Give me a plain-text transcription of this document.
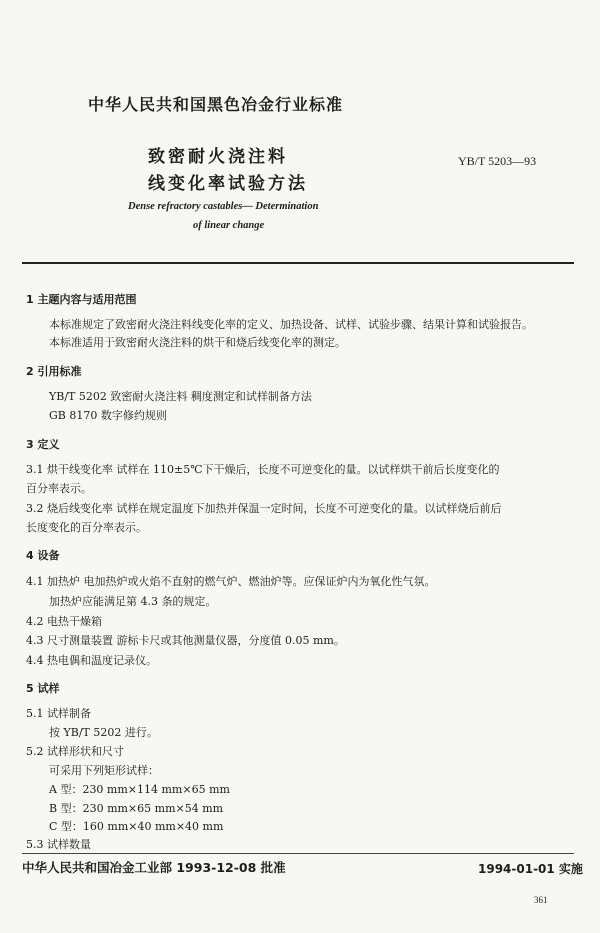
中华人民共和国黑色冶金行业标准
致密耐火浇注料
线变化率试验方法
YB/T 5203—93
Dense refractory castables— Determination
of linear change
1 主题内容与适用范围
本标准规定了致密耐火浇注料线变化率的定义、加热设备、试样、试验步骤、结果计算和试验报告。
本标准适用于致密耐火浇注料的烘干和烧后线变化率的测定。
2 引用标准
YB/T 5202 致密耐火浇注料 稠度测定和试样制备方法
GB 8170 数字修约规则
3 定义
3.1 烘干线变化率 试样在 110±5℃下干燥后，长度不可逆变化的量。以试样烘干前后长度变化的
百分率表示。
3.2 烧后线变化率 试样在规定温度下加热并保温一定时间，长度不可逆变化的量。以试样烧后前后
长度变化的百分率表示。
4 设备
4.1 加热炉 电加热炉或火焰不直射的燃气炉、燃油炉等。应保证炉内为氧化性气氛。
加热炉应能满足第 4.3 条的规定。
4.2 电热干燥箱
4.3 尺寸测量装置 游标卡尺或其他测量仪器，分度值 0.05 mm。
4.4 热电偶和温度记录仪。
5 试样
5.1 试样制备
按 YB/T 5202 进行。
5.2 试样形状和尺寸
可采用下列矩形试样：
A 型：230 mm×114 mm×65 mm
B 型：230 mm×65 mm×54 mm
C 型：160 mm×40 mm×40 mm
5.3 试样数量
中华人民共和国冶金工业部 1993-12-08 批准	1994-01-01 实施
361
